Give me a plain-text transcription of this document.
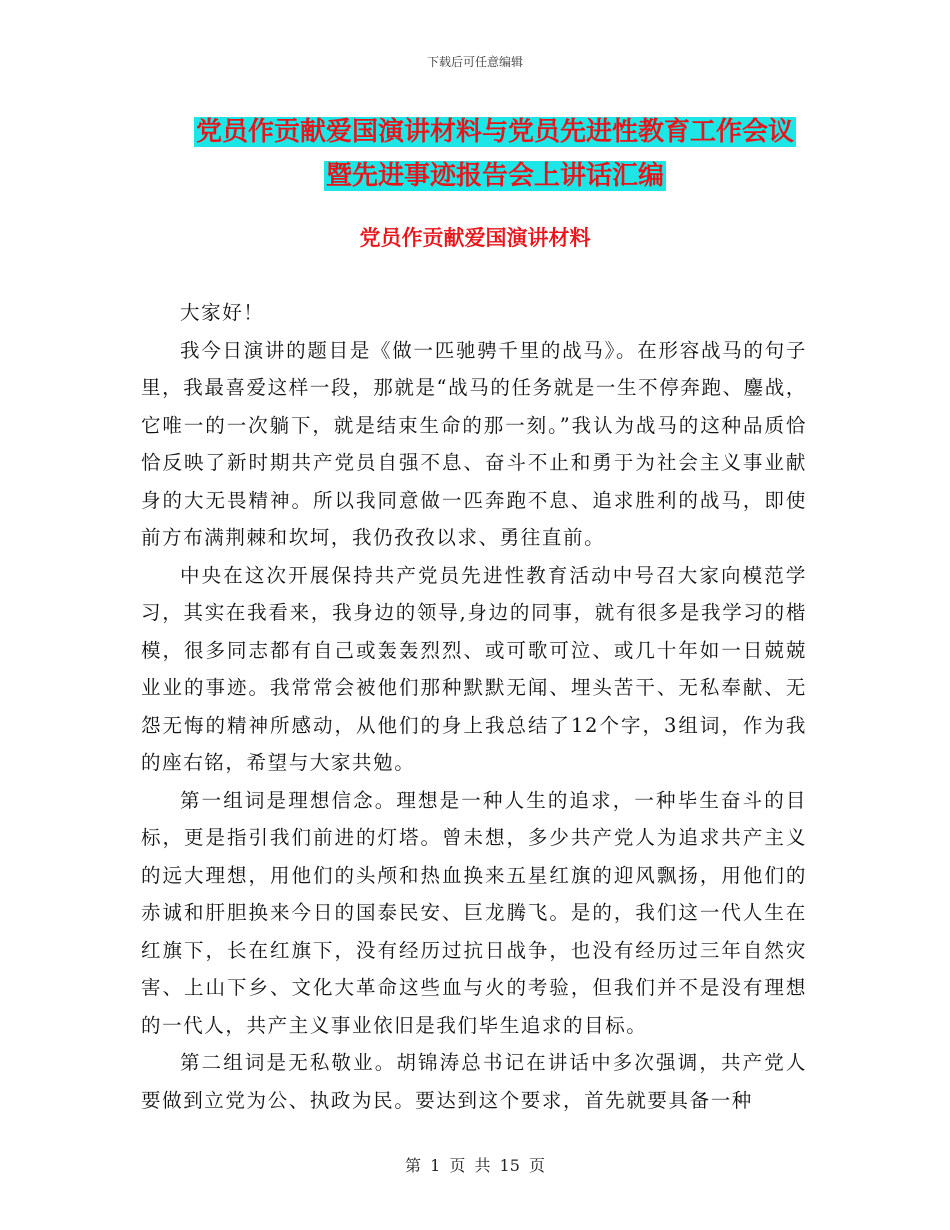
下载后可任意编辑
党员作贡献爱国演讲材料与党员先进性教育工作会议
暨先进事迹报告会上讲话汇编
党员作贡献爱国演讲材料

大家好！

我今日演讲的题目是《做一匹驰骋千里的战马》。在形容战马的句子里，我最喜爱这样一段，那就是“战马的任务就是一生不停奔跑、鏖战，它唯一的一次躺下，就是结束生命的那一刻。”我认为战马的这种品质恰恰反映了新时期共产党员自强不息、奋斗不止和勇于为社会主义事业献身的大无畏精神。所以我同意做一匹奔跑不息、追求胜利的战马，即使前方布满荆棘和坎坷，我仍孜孜以求、勇往直前。

中央在这次开展保持共产党员先进性教育活动中号召大家向模范学习，其实在我看来，我身边的领导,身边的同事，就有很多是我学习的楷模，很多同志都有自己或轰轰烈烈、或可歌可泣、或几十年如一日兢兢业业的事迹。我常常会被他们那种默默无闻、埋头苦干、无私奉献、无怨无悔的精神所感动，从他们的身上我总结了12个字，3组词，作为我的座右铭，希望与大家共勉。

第一组词是理想信念。理想是一种人生的追求，一种毕生奋斗的目标，更是指引我们前进的灯塔。曾未想，多少共产党人为追求共产主义的远大理想，用他们的头颅和热血换来五星红旗的迎风飘扬，用他们的赤诚和肝胆换来今日的国泰民安、巨龙腾飞。是的，我们这一代人生在红旗下，长在红旗下，没有经历过抗日战争，也没有经历过三年自然灾害、上山下乡、文化大革命这些血与火的考验，但我们并不是没有理想的一代人，共产主义事业依旧是我们毕生追求的目标。

第二组词是无私敬业。胡锦涛总书记在讲话中多次强调，共产党人要做到立党为公、执政为民。要达到这个要求，首先就要具备一种

第 1 页 共 15 页
